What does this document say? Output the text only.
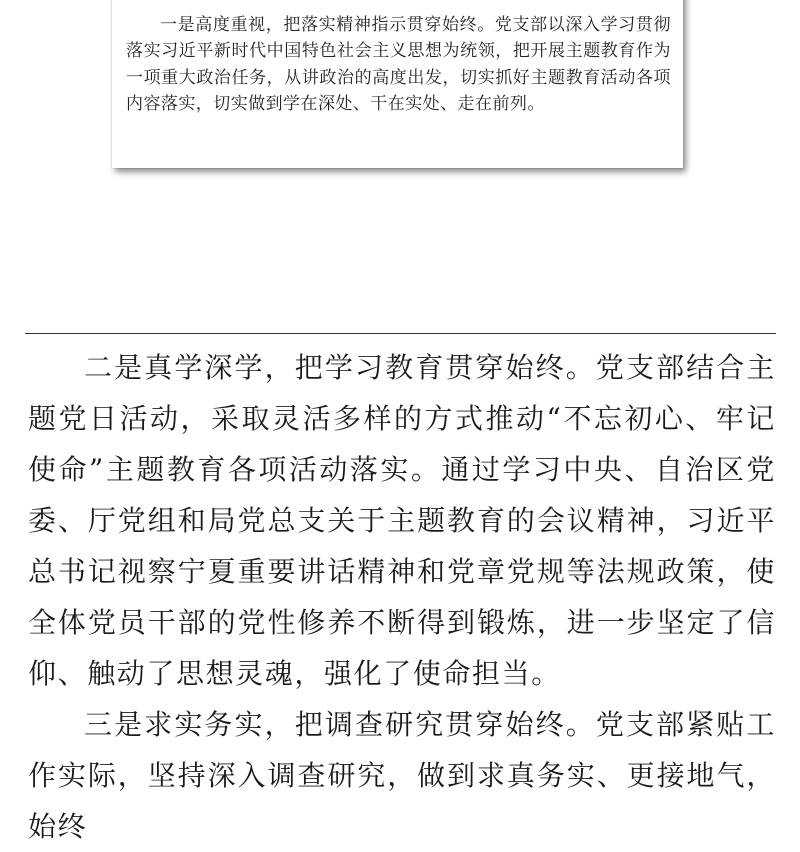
一是高度重视，把落实精神指示贯穿始终。党支部以深入学习贯彻落实习近平新时代中国特色社会主义思想为统领，把开展主题教育作为一项重大政治任务，从讲政治的高度出发，切实抓好主题教育活动各项内容落实，切实做到学在深处、干在实处、走在前列。

二是真学深学，把学习教育贯穿始终。党支部结合主题党日活动，采取灵活多样的方式推动“不忘初心、牢记使命”主题教育各项活动落实。通过学习中央、自治区党委、厅党组和局党总支关于主题教育的会议精神，习近平总书记视察宁夏重要讲话精神和党章党规等法规政策，使全体党员干部的党性修养不断得到锻炼，进一步坚定了信仰、触动了思想灵魂，强化了使命担当。

三是求实务实，把调查研究贯穿始终。党支部紧贴工作实际，坚持深入调查研究，做到求真务实、更接地气，始终
